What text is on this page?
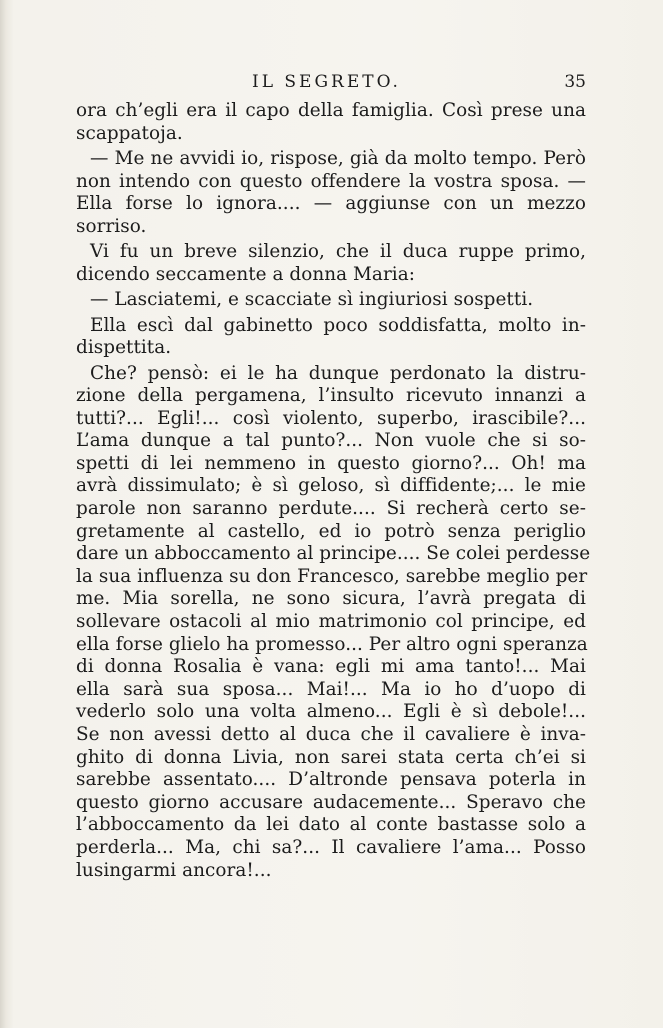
IL SEGRETO.	35
ora ch’egli era il capo della famiglia. Così prese una
scappatoja.
— Me ne avvidi io, rispose, già da molto tempo. Però
non intendo con questo offendere la vostra sposa. —
Ella forse lo ignora.... — aggiunse con un mezzo
sorriso.
Vi fu un breve silenzio, che il duca ruppe primo,
dicendo seccamente a donna Maria:
— Lasciatemi, e scacciate sì ingiuriosi sospetti.
Ella escì dal gabinetto poco soddisfatta, molto in-
dispettita.
Che? pensò: ei le ha dunque perdonato la distru-
zione della pergamena, l’insulto ricevuto innanzi a
tutti?... Egli!... così violento, superbo, irascibile?...
L’ama dunque a tal punto?... Non vuole che si so-
spetti di lei nemmeno in questo giorno?... Oh! ma
avrà dissimulato; è sì geloso, sì diffidente;... le mie
parole non saranno perdute.... Si recherà certo se-
gretamente al castello, ed io potrò senza periglio
dare un abboccamento al principe.... Se colei perdesse
la sua influenza su don Francesco, sarebbe meglio per
me. Mia sorella, ne sono sicura, l’avrà pregata di
sollevare ostacoli al mio matrimonio col principe, ed
ella forse glielo ha promesso... Per altro ogni speranza
di donna Rosalia è vana: egli mi ama tanto!... Mai
ella sarà sua sposa... Mai!... Ma io ho d’uopo di
vederlo solo una volta almeno... Egli è sì debole!...
Se non avessi detto al duca che il cavaliere è inva-
ghito di donna Livia, non sarei stata certa ch’ei si
sarebbe assentato.... D’altronde pensava poterla in
questo giorno accusare audacemente... Speravo che
l’abboccamento da lei dato al conte bastasse solo a
perderla... Ma, chi sa?... Il cavaliere l’ama... Posso
lusingarmi ancora!...
